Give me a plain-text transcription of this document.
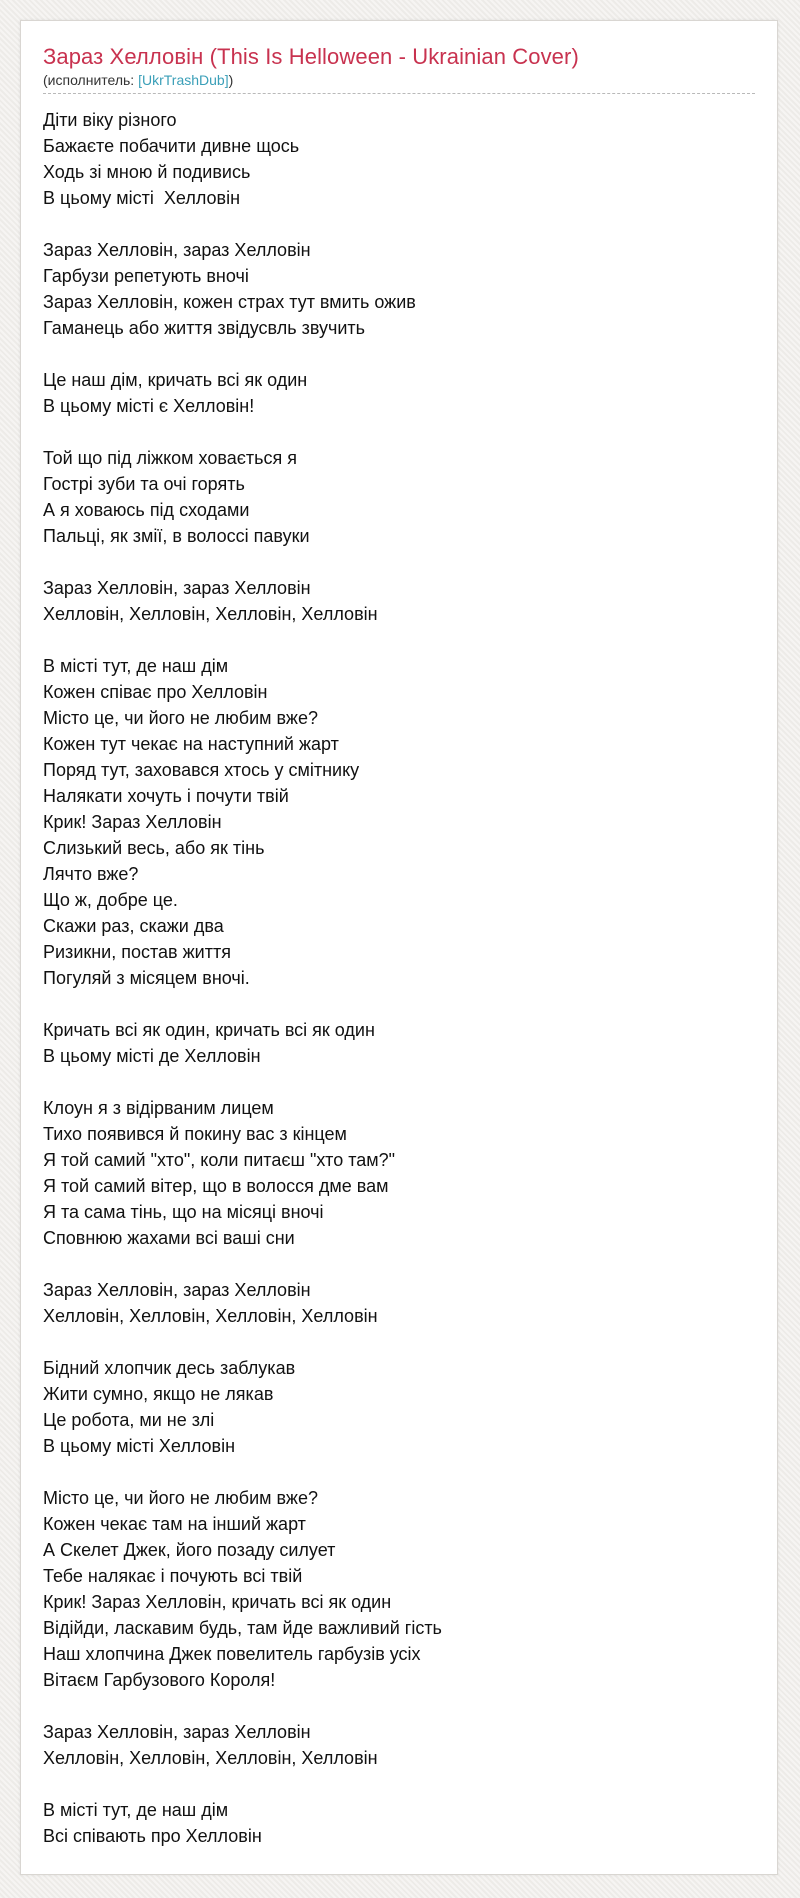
Зараз Хелловін (This Is Helloween - Ukrainian Cover)
(исполнитель: [UkrTrashDub])
Діти віку різного
Бажаєте побачити дивне щось
Ходь зі мною й подивись
В цьому місті  Хелловін
Зараз Хелловін, зараз Хелловін
Гарбузи репетують вночі
Зараз Хелловін, кожен страх тут вмить ожив
Гаманець або життя звідусвль звучить
Це наш дім, кричать всі як один
В цьому місті є Хелловін!
Той що під ліжком ховається я
Гострі зуби та очі горять
А я ховаюсь під сходами
Пальці, як змії, в волоссі павуки
Зараз Хелловін, зараз Хелловін
Хелловін, Хелловін, Хелловін, Хелловін
В місті тут, де наш дім
Кожен співає про Хелловін
Місто це, чи його не любим вже?
Кожен тут чекає на наступний жарт
Поряд тут, заховався хтось у смітнику
Налякати хочуть і почути твій
Крик! Зараз Хелловін
Слизький весь, або як тінь
Лячто вже?
Що ж, добре це.
Скажи раз, скажи два
Ризикни, постав життя
Погуляй з місяцем вночі.
Кричать всі як один, кричать всі як один
В цьому місті де Хелловін
Клоун я з відірваним лицем
Тихо появився й покину вас з кінцем
Я той самий "хто", коли питаєш "хто там?"
Я той самий вітер, що в волосся дме вам
Я та сама тінь, що на місяці вночі
Сповнюю жахами всі ваші сни
Зараз Хелловін, зараз Хелловін
Хелловін, Хелловін, Хелловін, Хелловін
Бідний хлопчик десь заблукав
Жити сумно, якщо не лякав
Це робота, ми не злі
В цьому місті Хелловін
Місто це, чи його не любим вже?
Кожен чекає там на інший жарт
А Скелет Джек, його позаду силует
Тебе налякає і почують всі твій
Крик! Зараз Хелловін, кричать всі як один
Відійди, ласкавим будь, там йде важливий гість
Наш хлопчина Джек повелитель гарбузів усіх
Вітаєм Гарбузового Короля!
Зараз Хелловін, зараз Хелловін
Хелловін, Хелловін, Хелловін, Хелловін
В місті тут, де наш дім
Всі співають про Хелловін
